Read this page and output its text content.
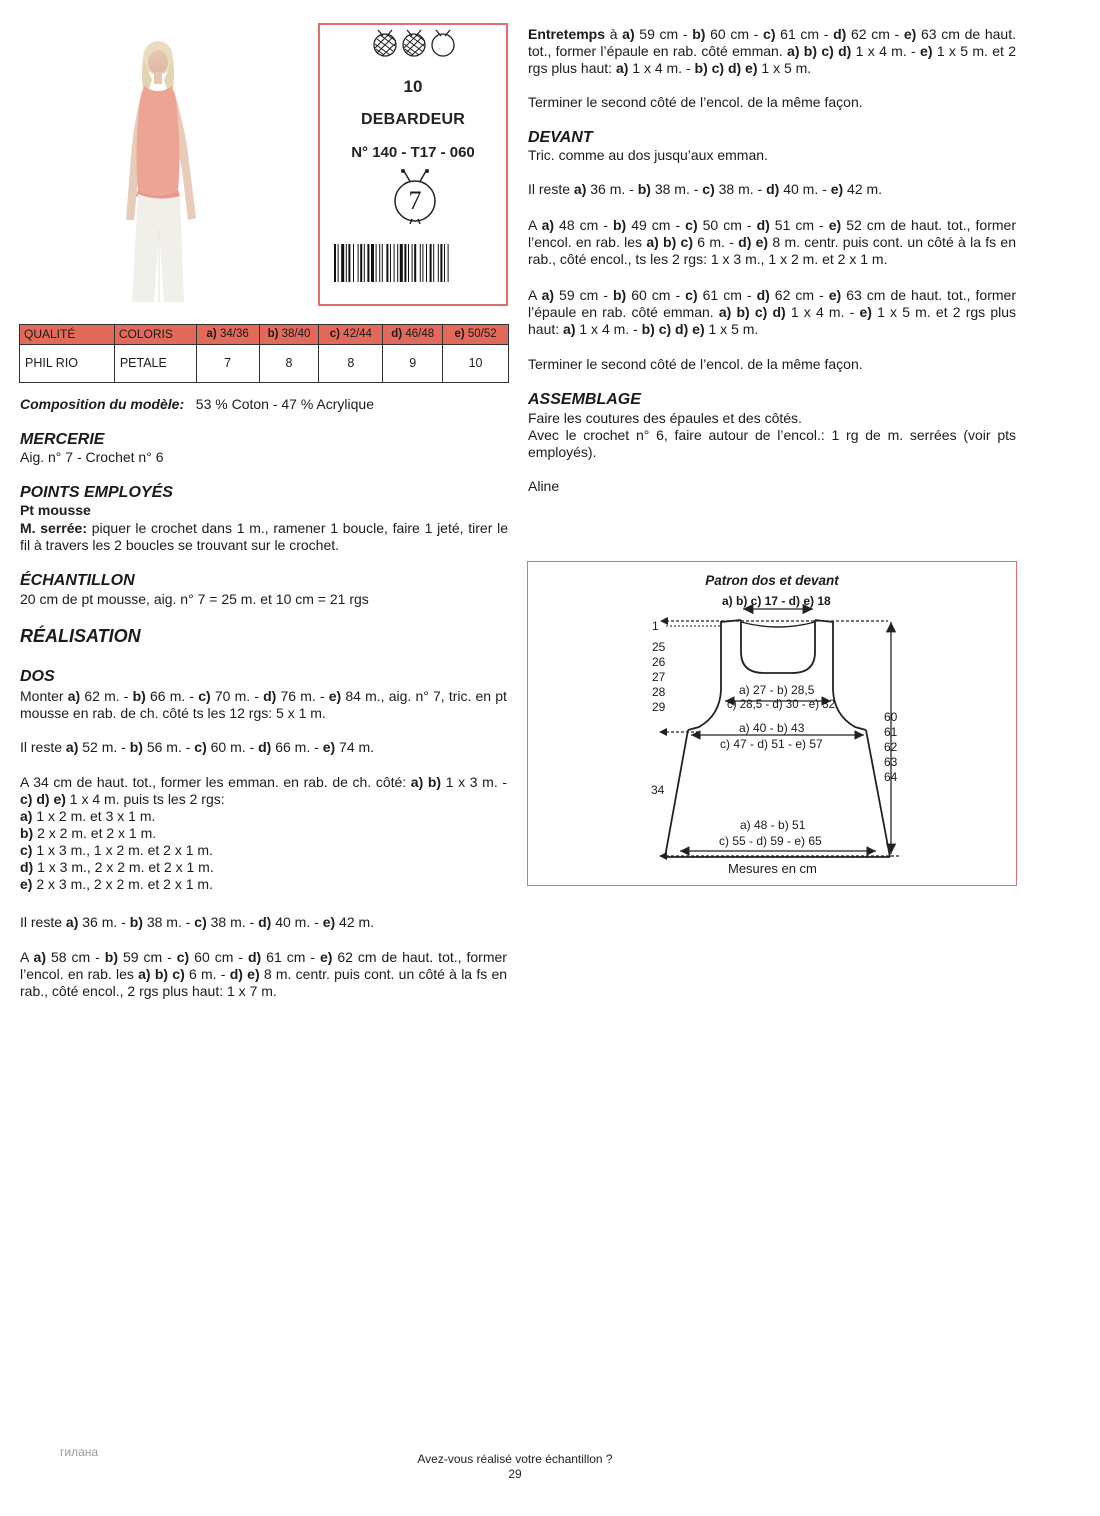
10
DEBARDEUR
N° 140 - T17 - 060
7
QUALITÉ	COLORIS	a) 34/36	b) 38/40	c) 42/44	d) 46/48	e) 50/52
PHIL RIO	PETALE	7	8	8	9	10
Composition du modèle: 53 % Coton - 47 % Acrylique
MERCERIE
Aig. n° 7 - Crochet n° 6
POINTS EMPLOYÉS
Pt mousse
M. serrée: piquer le crochet dans 1 m., ramener 1 boucle, faire 1 jeté, tirer le fil à travers les 2 boucles se trouvant sur le crochet.
ÉCHANTILLON
20 cm de pt mousse, aig. n° 7 = 25 m. et 10 cm = 21 rgs
RÉALISATION
DOS
Monter a) 62 m. - b) 66 m. - c) 70 m. - d) 76 m. - e) 84 m., aig. n° 7, tric. en pt mousse en rab. de ch. côté ts les 12 rgs: 5 x 1 m.
Il reste a) 52 m. - b) 56 m. - c) 60 m. - d) 66 m. - e) 74 m.
A 34 cm de haut. tot., former les emman. en rab. de ch. côté: a) b) 1 x 3 m. - c) d) e) 1 x 4 m. puis ts les 2 rgs:
a) 1 x 2 m. et 3 x 1 m.
b) 2 x 2 m. et 2 x 1 m.
c) 1 x 3 m., 1 x 2 m. et 2 x 1 m.
d) 1 x 3 m., 2 x 2 m. et 2 x 1 m.
e) 2 x 3 m., 2 x 2 m. et 2 x 1 m.
Il reste a) 36 m. - b) 38 m. - c) 38 m. - d) 40 m. - e) 42 m.
A a) 58 cm - b) 59 cm - c) 60 cm - d) 61 cm - e) 62 cm de haut. tot., former l’encol. en rab. les a) b) c) 6 m. - d) e) 8 m. centr. puis cont. un côté à la fs en rab., côté encol., 2 rgs plus haut: 1 x 7 m.
Entretemps à a) 59 cm - b) 60 cm - c) 61 cm - d) 62 cm - e) 63 cm de haut. tot., former l’épaule en rab. côté emman. a) b) c) d) 1 x 4 m. - e) 1 x 5 m. et 2 rgs plus haut: a) 1 x 4 m. - b) c) d) e) 1 x 5 m.
Terminer le second côté de l’encol. de la même façon.
DEVANT
Tric. comme au dos jusqu’aux emman.
Il reste a) 36 m. - b) 38 m. - c) 38 m. - d) 40 m. - e) 42 m.
A a) 48 cm - b) 49 cm - c) 50 cm - d) 51 cm - e) 52 cm de haut. tot., former l’encol. en rab. les a) b) c) 6 m. - d) e) 8 m. centr. puis cont. un côté à la fs en rab., côté encol., ts les 2 rgs: 1 x 3 m., 1 x 2 m. et 2 x 1 m.
A a) 59 cm - b) 60 cm - c) 61 cm - d) 62 cm - e) 63 cm de haut. tot., former l’épaule en rab. côté emman. a) b) c) d) 1 x 4 m. - e) 1 x 5 m. et 2 rgs plus haut: a) 1 x 4 m. - b) c) d) e) 1 x 5 m.
Terminer le second côté de l’encol. de la même façon.
ASSEMBLAGE
Faire les coutures des épaules et des côtés.
Avec le crochet n° 6, faire autour de l’encol.: 1 rg de m. serrées (voir pts employés).
Aline
Patron dos et devant
a) b) c) 17 - d) e) 18
1
25
26
27
28
29
a) 27 - b) 28,5
c) 28,5 - d) 30 - e) 32
a) 40 - b) 43
c) 47 - d) 51 - e) 57
34
60
61
62
63
64
a) 48 - b) 51
c) 55 - d) 59 - e) 65
Mesures en cm
гилана	Avez-vous réalisé votre échantillon ?
29
